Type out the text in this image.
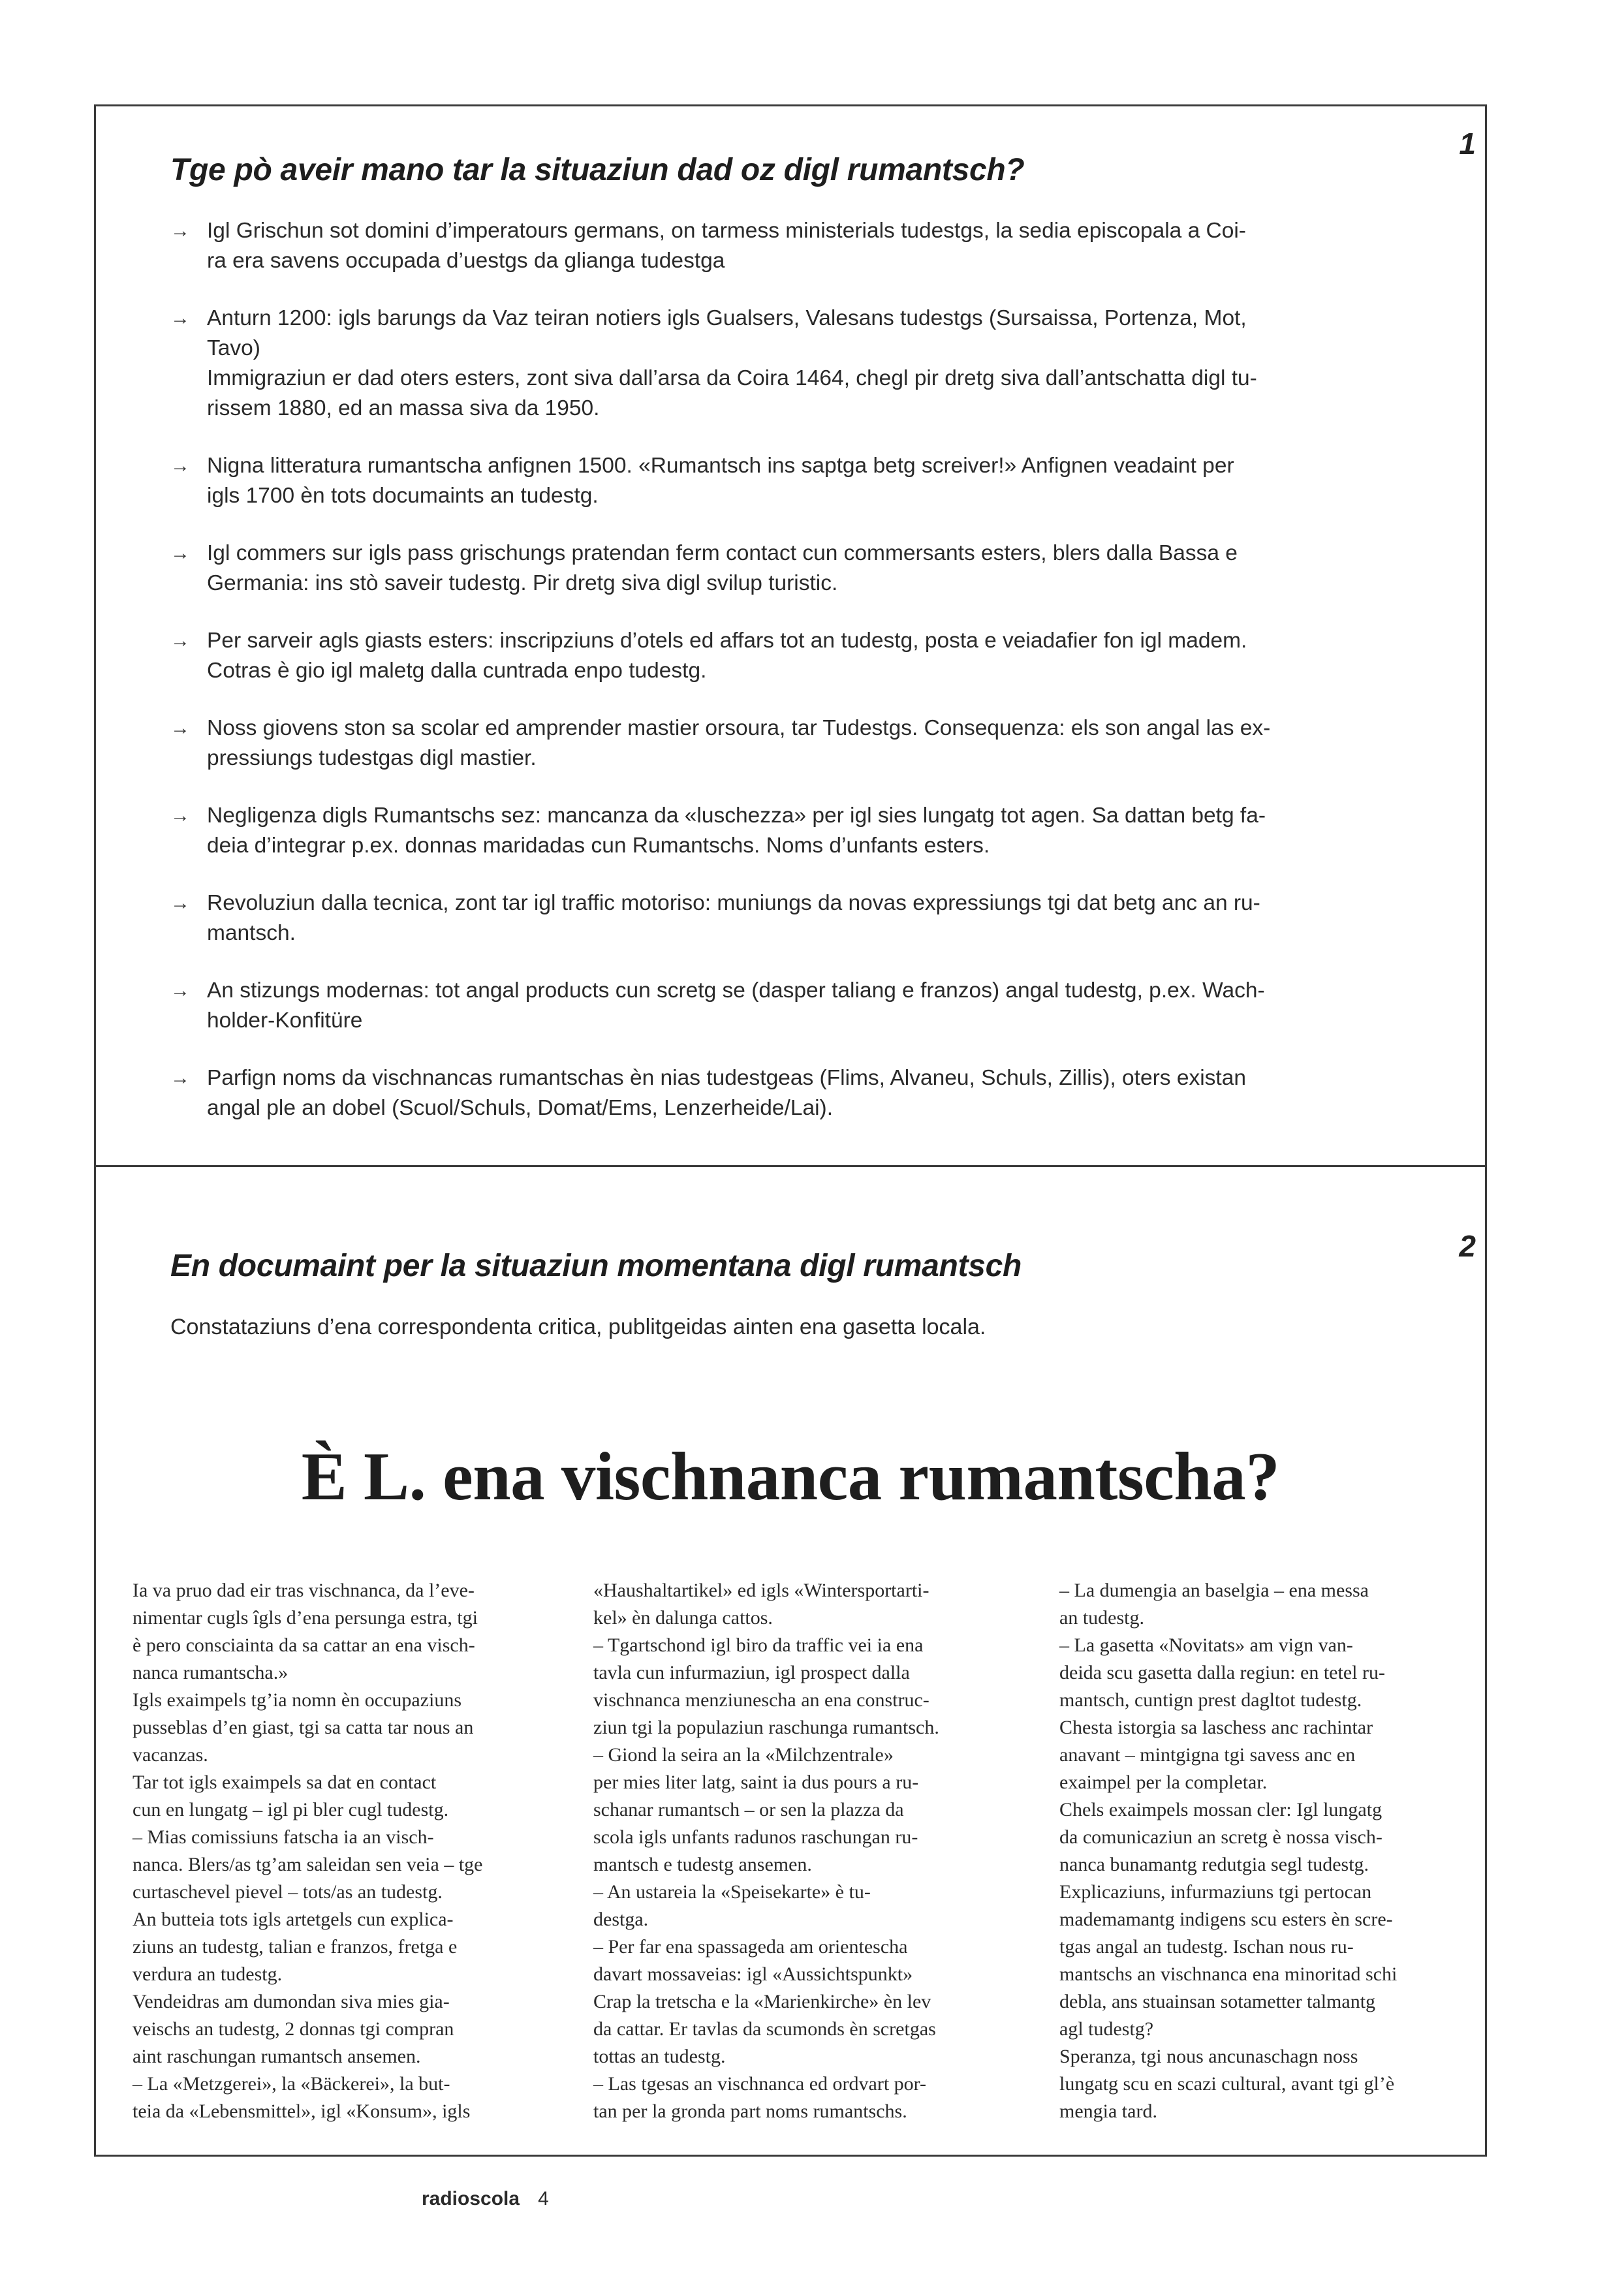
1
Tge pò aveir mano tar la situaziun dad oz digl rumantsch?
→ Igl Grischun sot domini d’imperatours germans, on tarmess ministerials tudestgs, la sedia episcopala a Coi-
ra era savens occupada d’uestgs da glianga tudestga
→ Anturn 1200: igls barungs da Vaz teiran notiers igls Gualsers, Valesans tudestgs (Sursaissa, Portenza, Mot,
Tavo)
Immigraziun er dad oters esters, zont siva dall’arsa da Coira 1464, chegl pir dretg siva dall’antschatta digl tu-
rissem 1880, ed an massa siva da 1950.
→ Nigna litteratura rumantscha anfignen 1500. «Rumantsch ins saptga betg screiver!» Anfignen veadaint per
igls 1700 èn tots documaints an tudestg.
→ Igl commers sur igls pass grischungs pratendan ferm contact cun commersants esters, blers dalla Bassa e
Germania: ins stò saveir tudestg. Pir dretg siva digl svilup turistic.
→ Per sarveir agls giasts esters: inscripziuns d’otels ed affars tot an tudestg, posta e veiadafier fon igl madem.
Cotras è gio igl maletg dalla cuntrada enpo tudestg.
→ Noss giovens ston sa scolar ed amprender mastier orsoura, tar Tudestgs. Consequenza: els son angal las ex-
pressiungs tudestgas digl mastier.
→ Negligenza digls Rumantschs sez: mancanza da «luschezza» per igl sies lungatg tot agen. Sa dattan betg fa-
deia d’integrar p.ex. donnas maridadas cun Rumantschs. Noms d’unfants esters.
→ Revoluziun dalla tecnica, zont tar igl traffic motoriso: muniungs da novas expressiungs tgi dat betg anc an ru-
mantsch.
→ An stizungs modernas: tot angal products cun scretg se (dasper taliang e franzos) angal tudestg, p.ex. Wach-
holder-Konfitüre
→ Parfign noms da vischnancas rumantschas èn nias tudestgeas (Flims, Alvaneu, Schuls, Zillis), oters existan
angal ple an dobel (Scuol/Schuls, Domat/Ems, Lenzerheide/Lai).
2
En documaint per la situaziun momentana digl rumantsch
Constataziuns d’ena correspondenta critica, publitgeidas ainten ena gasetta locala.
È L. ena vischnanca rumantscha?
Ia va pruo dad eir tras vischnanca, da l’eve-
nimentar cugls îgls d’ena persunga estra, tgi
è pero consciainta da sa cattar an ena visch-
nanca rumantscha.»
Igls exaimpels tg’ia nomn èn occupaziuns
pusseblas d’en giast, tgi sa catta tar nous an
vacanzas.
Tar tot igls exaimpels sa dat en contact
cun en lungatg – igl pi bler cugl tudestg.
– Mias comissiuns fatscha ia an visch-
nanca. Blers/as tg’am saleidan sen veia – tge
curtaschevel pievel – tots/as an tudestg.
An butteia tots igls artetgels cun explica-
ziuns an tudestg, talian e franzos, fretga e
verdura an tudestg.
Vendeidras am dumondan siva mies gia-
veischs an tudestg, 2 donnas tgi compran
aint raschungan rumantsch ansemen.
– La «Metzgerei», la «Bäckerei», la but-
teia da «Lebensmittel», igl «Konsum», igls
«Haushaltartikel» ed igls «Wintersportarti-
kel» èn dalunga cattos.
– Tgartschond igl biro da traffic vei ia ena
tavla cun infurmaziun, igl prospect dalla
vischnanca menziunescha an ena construc-
ziun tgi la populaziun raschunga rumantsch.
– Giond la seira an la «Milchzentrale»
per mies liter latg, saint ia dus pours a ru-
schanar rumantsch – or sen la plazza da
scola igls unfants radunos raschungan ru-
mantsch e tudestg ansemen.
– An ustareia la «Speisekarte» è tu-
destga.
– Per far ena spassageda am orientescha
davart mossaveias: igl «Aussichtspunkt»
Crap la tretscha e la «Marienkirche» èn lev
da cattar. Er tavlas da scumonds èn scretgas
tottas an tudestg.
– Las tgesas an vischnanca ed ordvart por-
tan per la gronda part noms rumantschs.
– La dumengia an baselgia – ena messa
an tudestg.
– La gasetta «Novitats» am vign van-
deida scu gasetta dalla regiun: en tetel ru-
mantsch, cuntign prest dagltot tudestg.
Chesta istorgia sa laschess anc rachintar
anavant – mintgigna tgi savess anc en
exaimpel per la completar.
Chels exaimpels mossan cler: Igl lungatg
da comunicaziun an scretg è nossa visch-
nanca bunamantg redutgia segl tudestg.
Explicaziuns, infurmaziuns tgi pertocan
mademamantg indigens scu esters èn scre-
tgas angal an tudestg. Ischan nous ru-
mantschs an vischnanca ena minoritad schi
debla, ans stuainsan sotametter talmantg
agl tudestg?
Speranza, tgi nous ancunaschagn noss
lungatg scu en scazi cultural, avant tgi gl’è
mengia tard.
radioscola 4
